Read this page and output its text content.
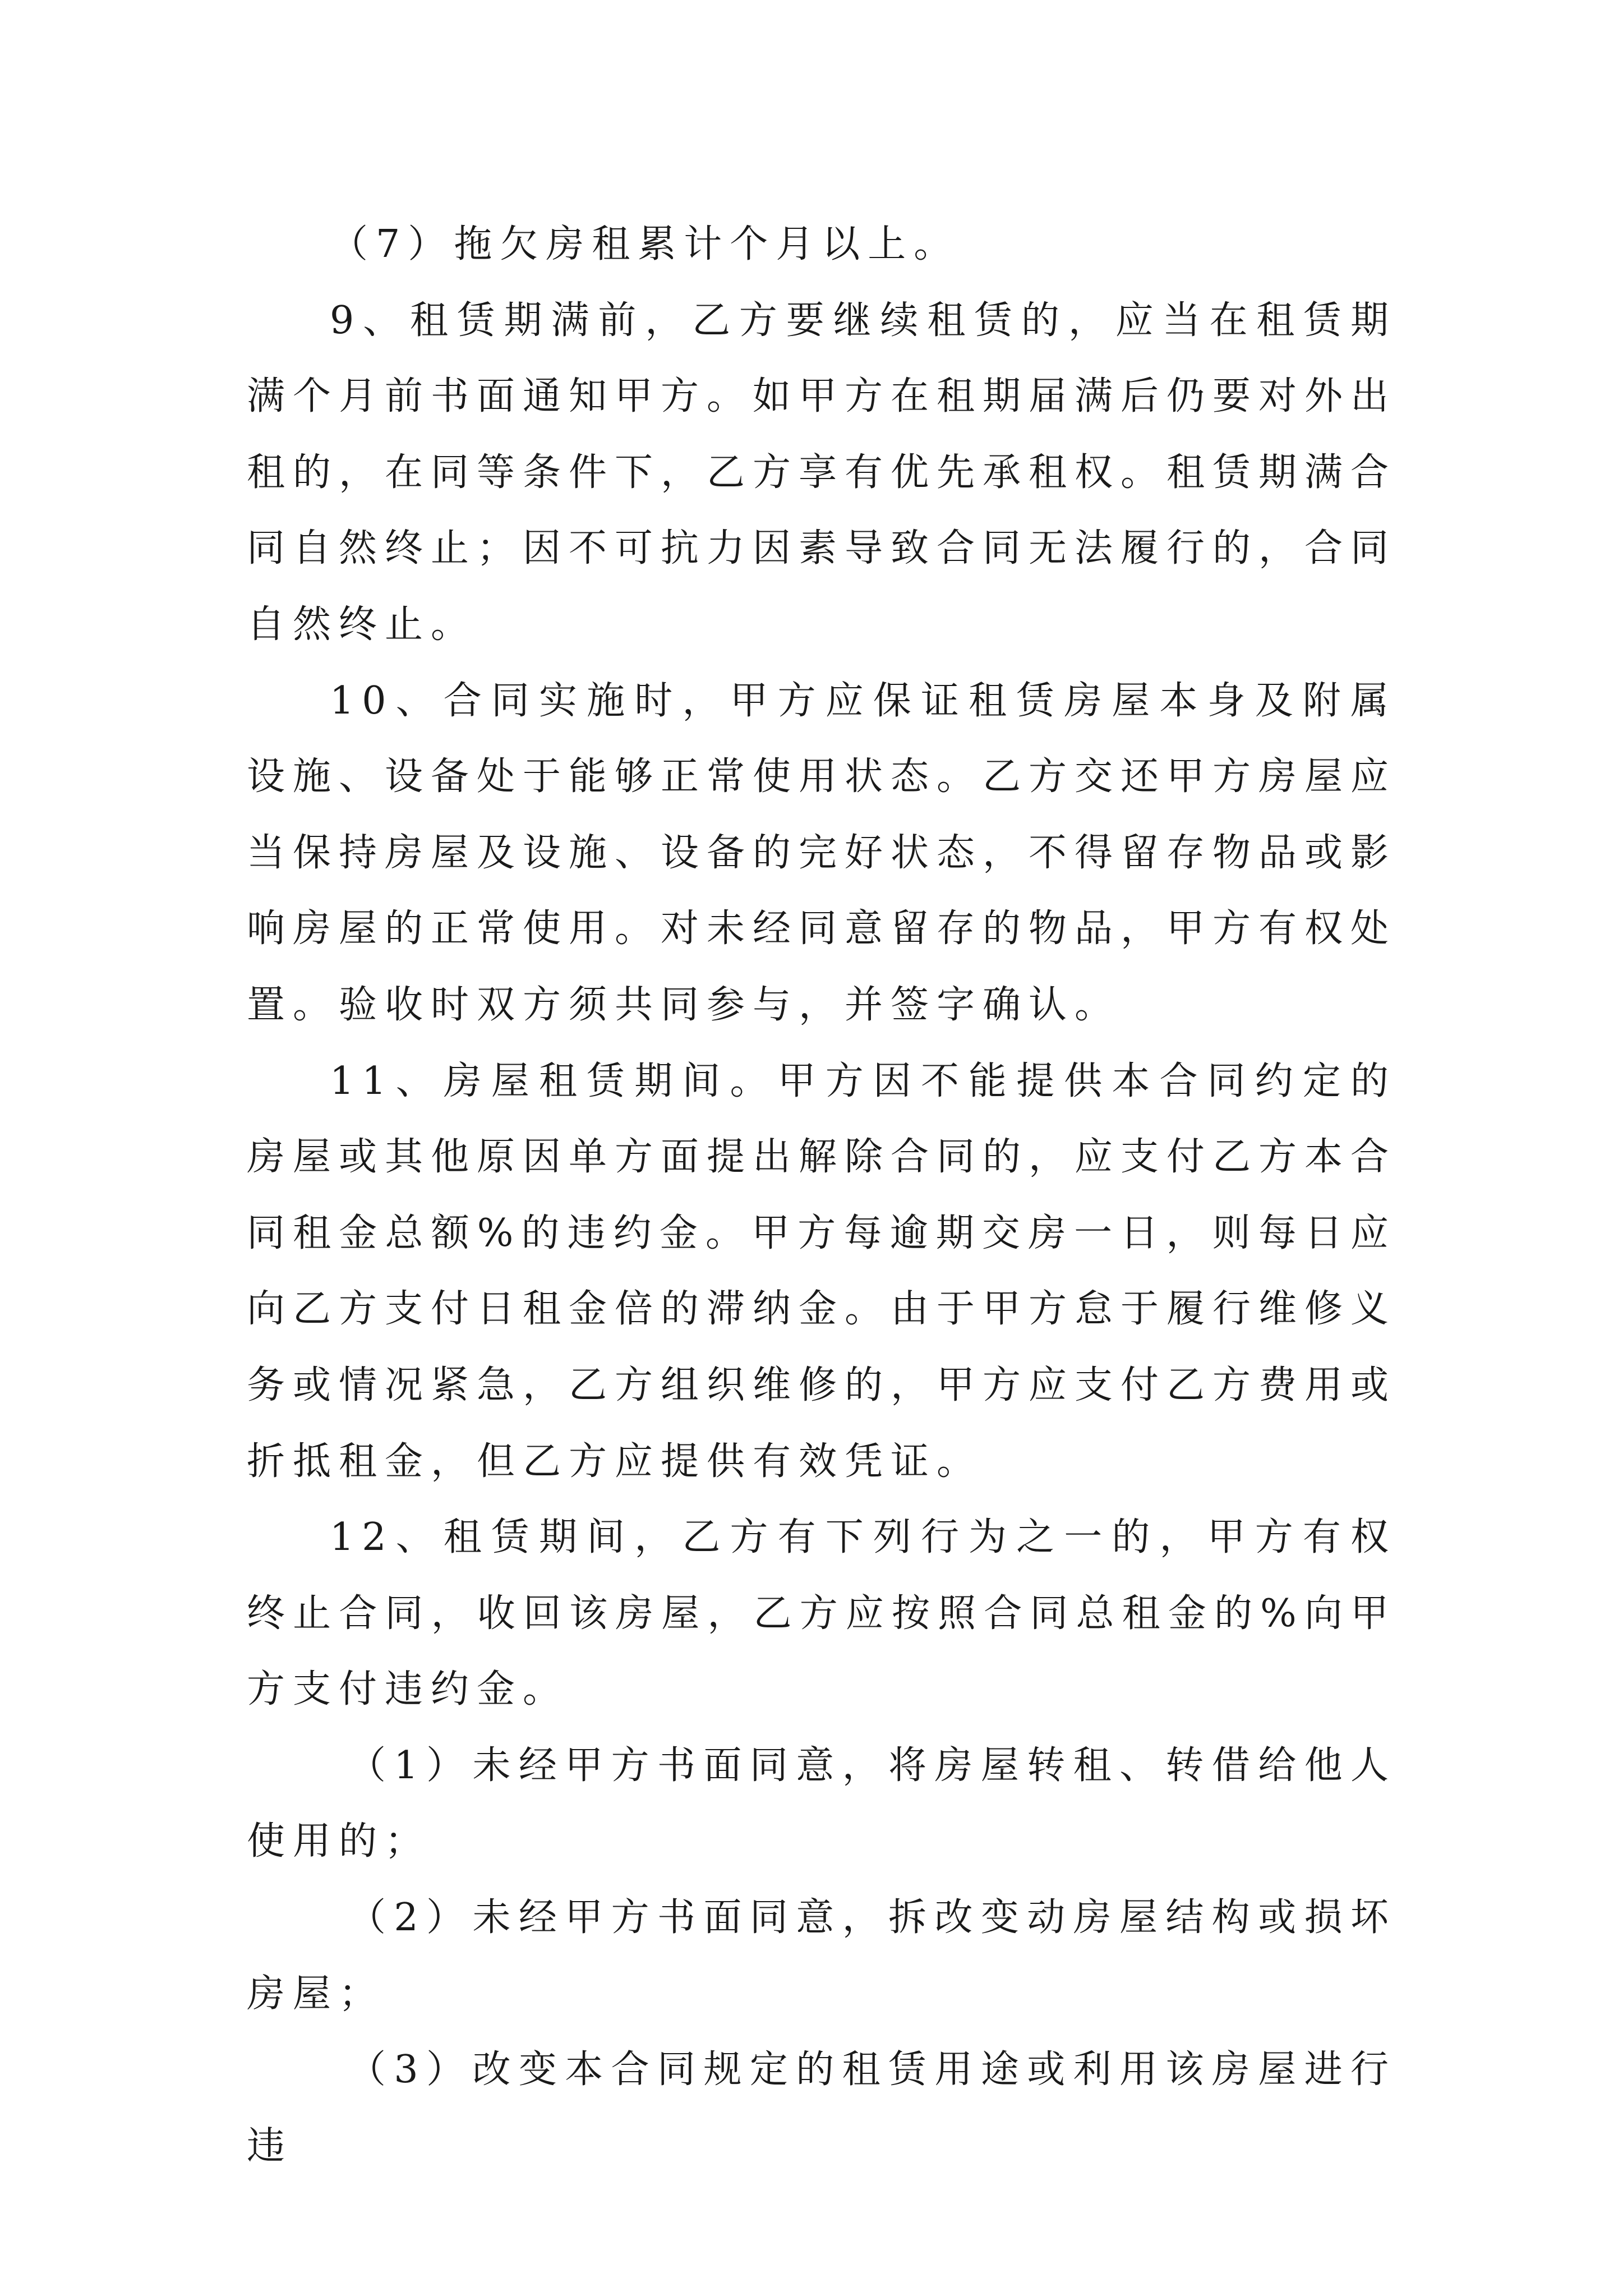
（7）拖欠房租累计个月以上。

9、租赁期满前，乙方要继续租赁的，应当在租赁期满个月前书面通知甲方。如甲方在租期届满后仍要对外出租的，在同等条件下，乙方享有优先承租权。租赁期满合同自然终止；因不可抗力因素导致合同无法履行的，合同自然终止。

10、合同实施时，甲方应保证租赁房屋本身及附属设施、设备处于能够正常使用状态。乙方交还甲方房屋应当保持房屋及设施、设备的完好状态，不得留存物品或影响房屋的正常使用。对未经同意留存的物品，甲方有权处置。验收时双方须共同参与，并签字确认。

11、房屋租赁期间。甲方因不能提供本合同约定的房屋或其他原因单方面提出解除合同的，应支付乙方本合同租金总额%的违约金。甲方每逾期交房一日，则每日应向乙方支付日租金倍的滞纳金。由于甲方怠于履行维修义务或情况紧急，乙方组织维修的，甲方应支付乙方费用或折抵租金，但乙方应提供有效凭证。

12、租赁期间，乙方有下列行为之一的，甲方有权终止合同，收回该房屋，乙方应按照合同总租金的%向甲方支付违约金。

（1）未经甲方书面同意，将房屋转租、转借给他人使用的；

（2）未经甲方书面同意，拆改变动房屋结构或损坏房屋；

（3）改变本合同规定的租赁用途或利用该房屋进行违
